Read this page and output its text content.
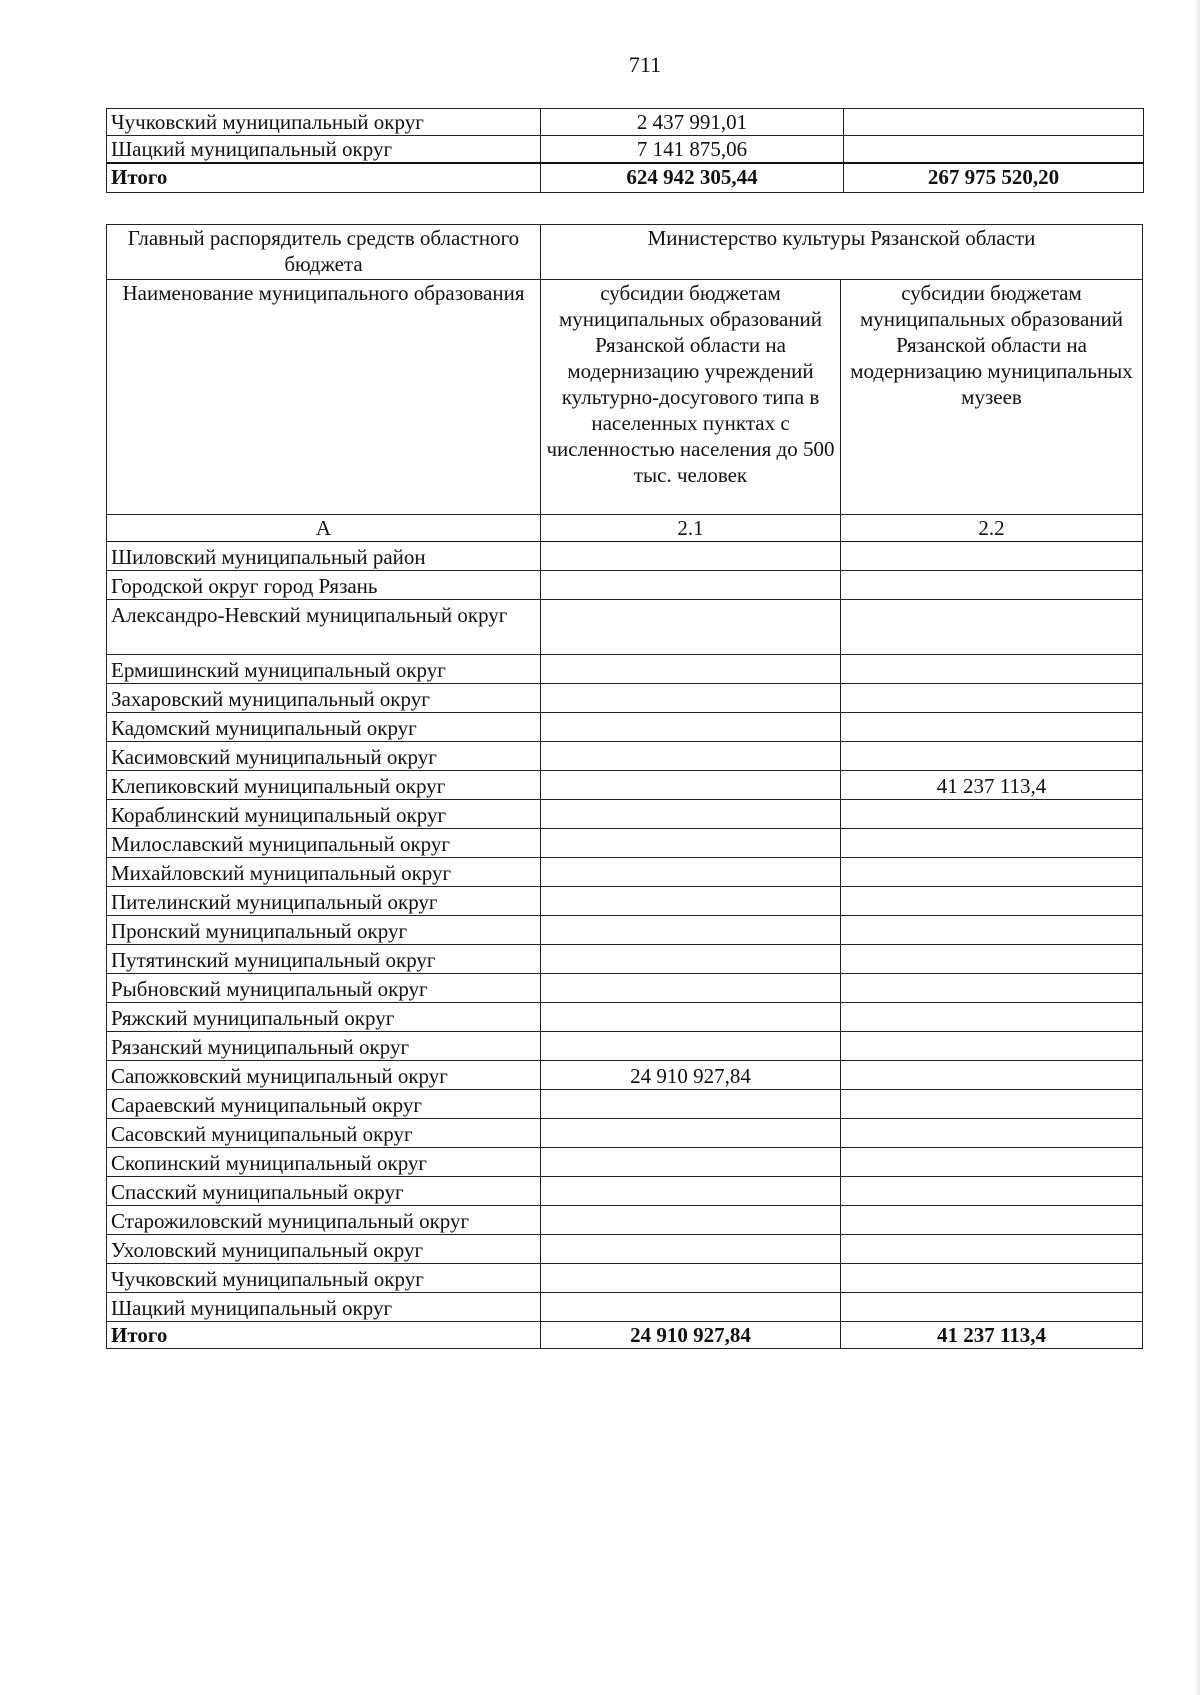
711
Чучковский муниципальный округ	2 437 991,01	
Шацкий муниципальный округ	7 141 875,06	
Итого	624 942 305,44	267 975 520,20
Главный распорядитель средств областного бюджета	Министерство культуры Рязанской области	
Наименование муниципального образования	субсидии бюджетам муниципальных образований Рязанской области на модернизацию учреждений культурно-досугового типа в населенных пунктах с численностью населения до 500 тыс. человек	субсидии бюджетам муниципальных образований Рязанской области на модернизацию муниципальных музеев
А	2.1	2.2
Шиловский муниципальный район		
Городской округ город Рязань		
Александро-Невский муниципальный округ		
Ермишинский муниципальный округ		
Захаровский муниципальный округ		
Кадомский муниципальный округ		
Касимовский муниципальный округ		
Клепиковский муниципальный округ		41 237 113,4
Кораблинский муниципальный округ		
Милославский муниципальный округ		
Михайловский муниципальный округ		
Пителинский муниципальный округ		
Пронский муниципальный округ		
Путятинский муниципальный округ		
Рыбновский муниципальный округ		
Ряжский муниципальный округ		
Рязанский муниципальный округ		
Сапожковский муниципальный округ	24 910 927,84	
Сараевский муниципальный округ		
Сасовский муниципальный округ		
Скопинский муниципальный округ		
Спасский муниципальный округ		
Старожиловский муниципальный округ		
Ухоловский муниципальный округ		
Чучковский муниципальный округ		
Шацкий муниципальный округ		
Итого	24 910 927,84	41 237 113,4
